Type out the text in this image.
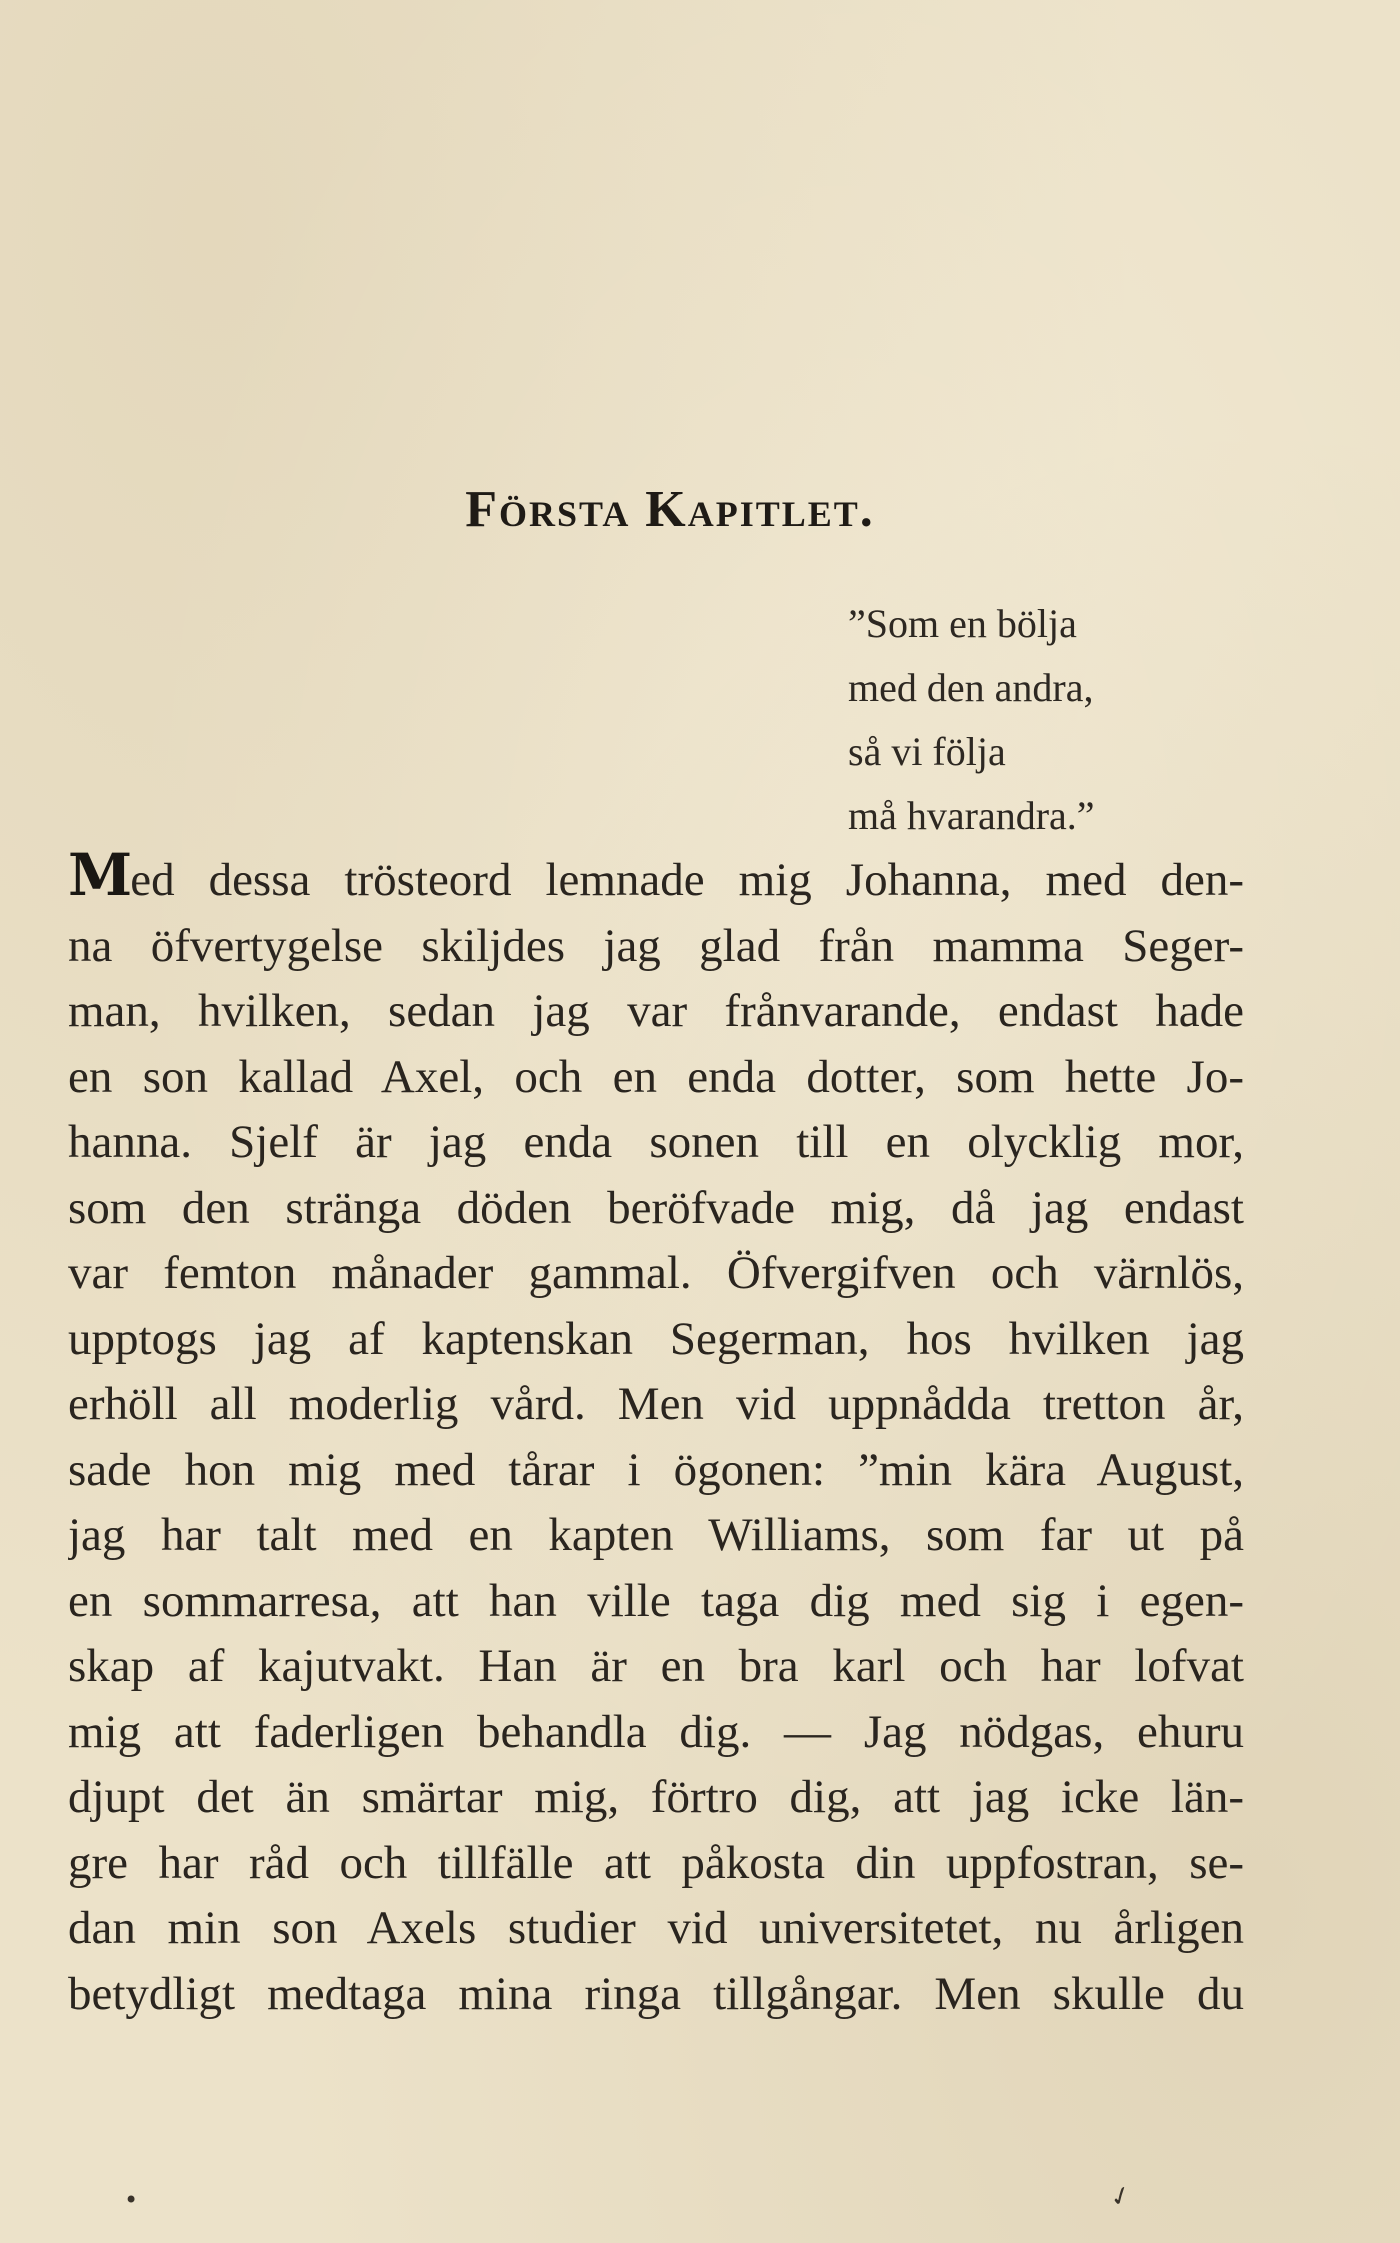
Första Kapitlet.
”Som en bölja
med den andra,
så vi följa
må hvarandra.”
Med dessa trösteord lemnade mig Johanna, med den-
na öfvertygelse skiljdes jag glad från mamma Seger-
man, hvilken, sedan jag var frånvarande, endast hade
en son kallad Axel, och en enda dotter, som hette Jo-
hanna. Sjelf är jag enda sonen till en olycklig mor,
som den stränga döden beröfvade mig, då jag endast
var femton månader gammal. Öfvergifven och värnlös,
upptogs jag af kaptenskan Segerman, hos hvilken jag
erhöll all moderlig vård. Men vid uppnådda tretton år,
sade hon mig med tårar i ögonen: ”min kära August,
jag har talt med en kapten Williams, som far ut på
en sommarresa, att han ville taga dig med sig i egen-
skap af kajutvakt. Han är en bra karl och har lofvat
mig att faderligen behandla dig. — Jag nödgas, ehuru
djupt det än smärtar mig, förtro dig, att jag icke län-
gre har råd och tillfälle att påkosta din uppfostran, se-
dan min son Axels studier vid universitetet, nu årligen
betydligt medtaga mina ringa tillgångar. Men skulle du
•	✓
